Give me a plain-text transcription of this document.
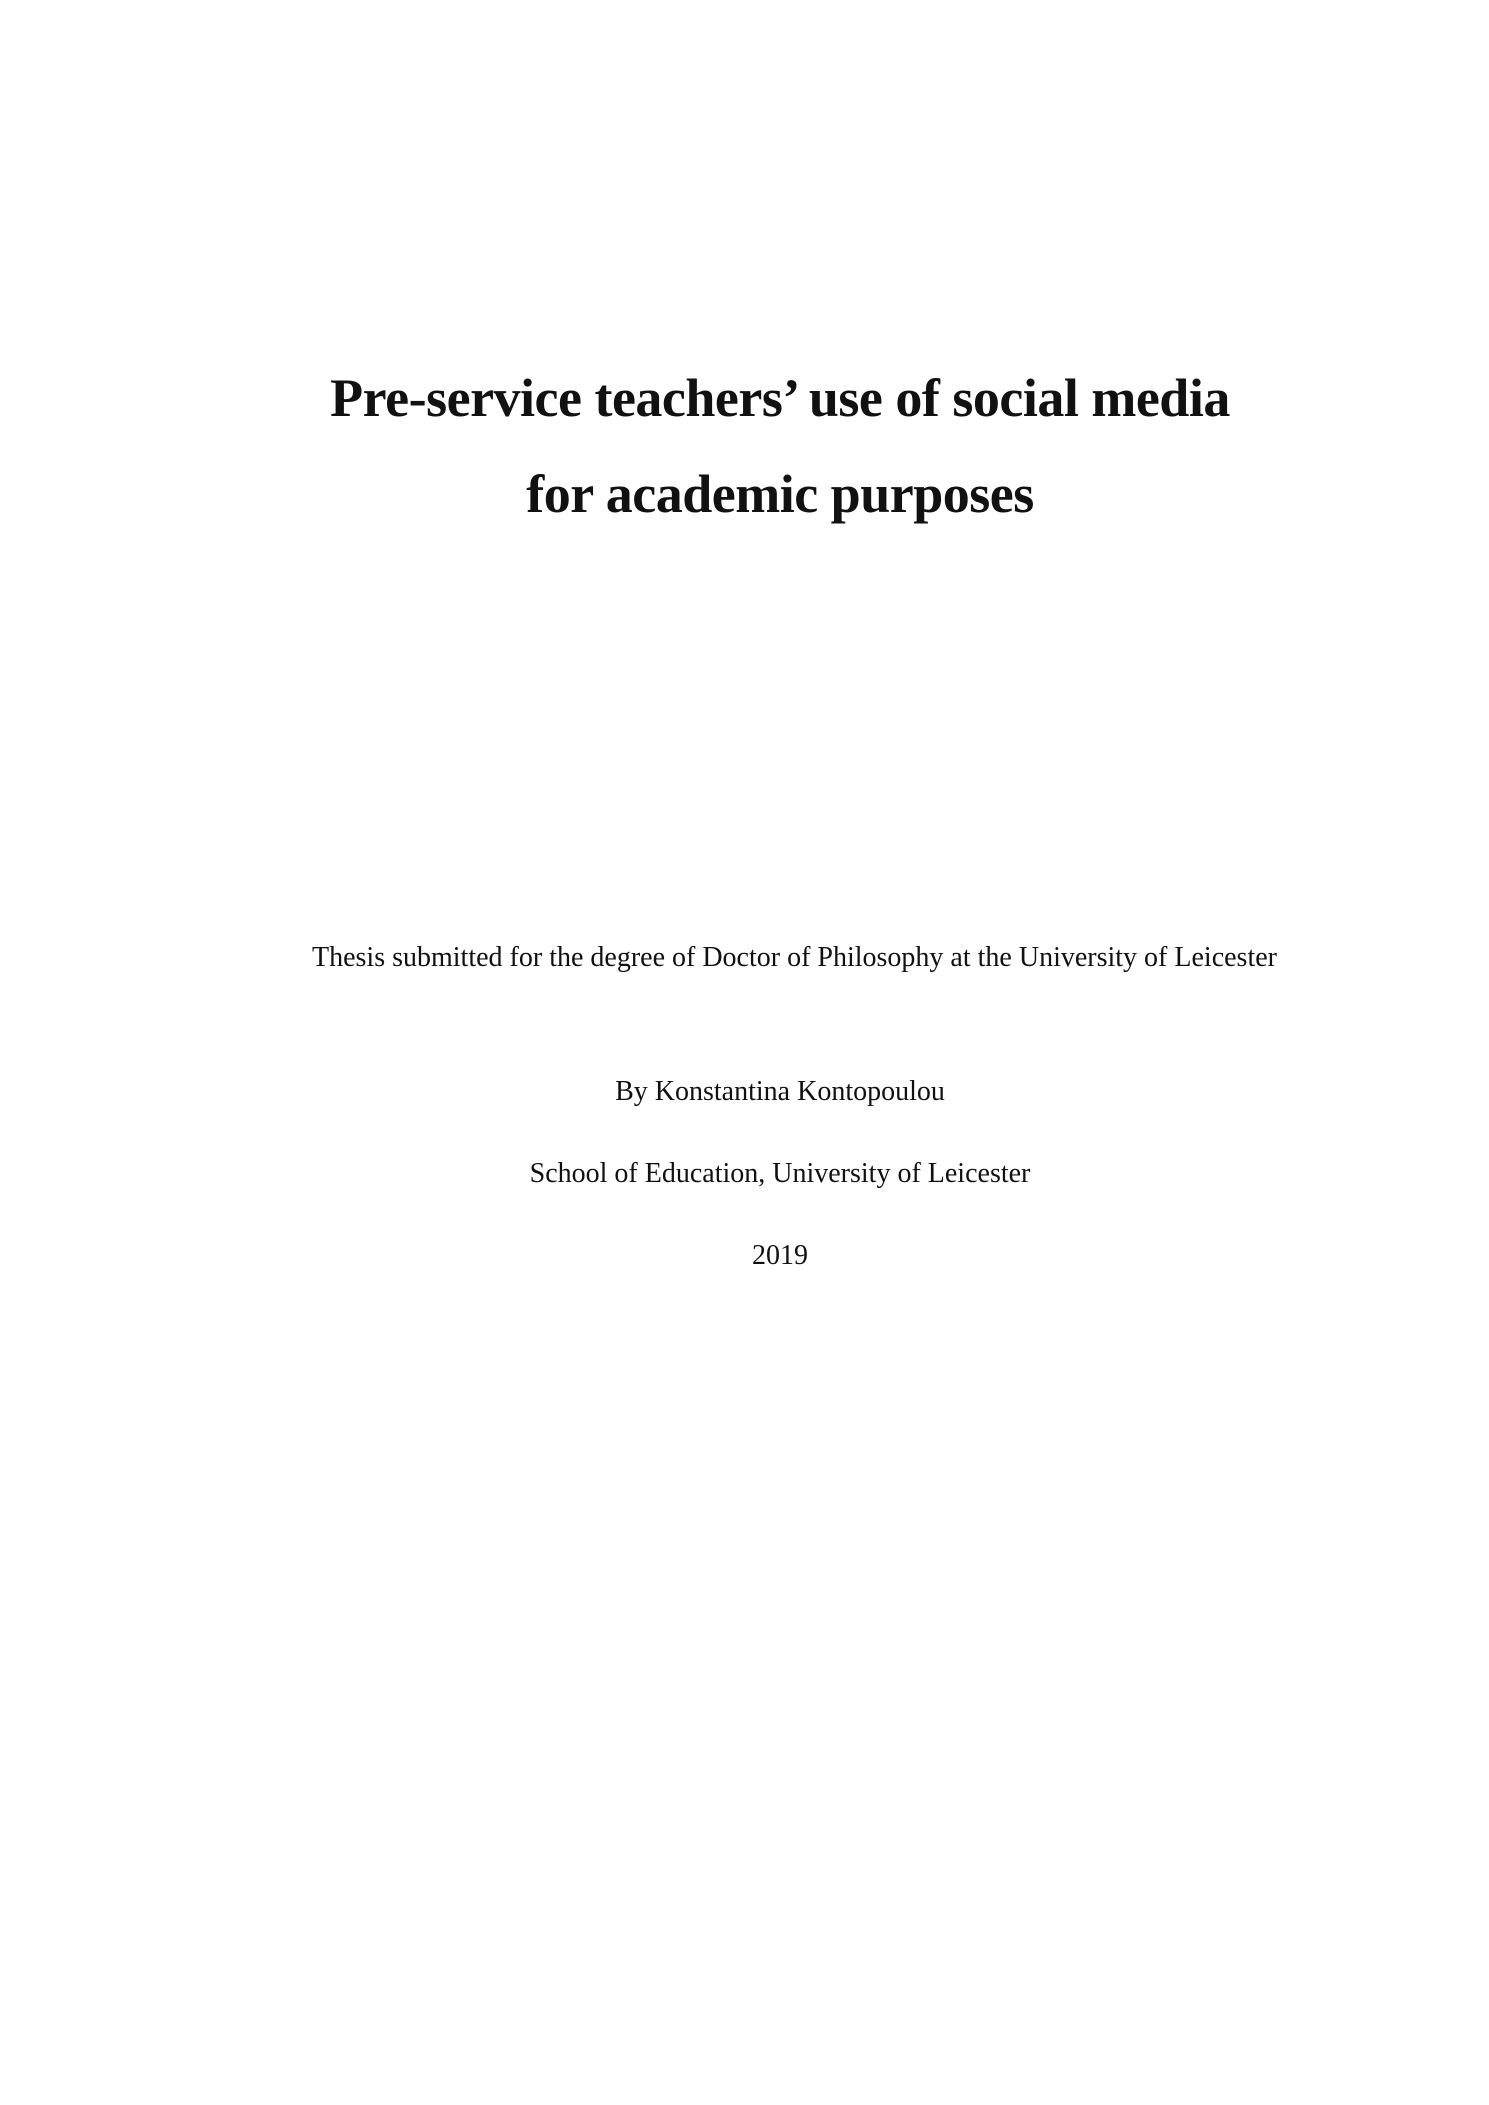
Pre-service teachers’ use of social media
for academic purposes
Thesis submitted for the degree of Doctor of Philosophy at the University of Leicester
By Konstantina Kontopoulou
School of Education, University of Leicester
2019
